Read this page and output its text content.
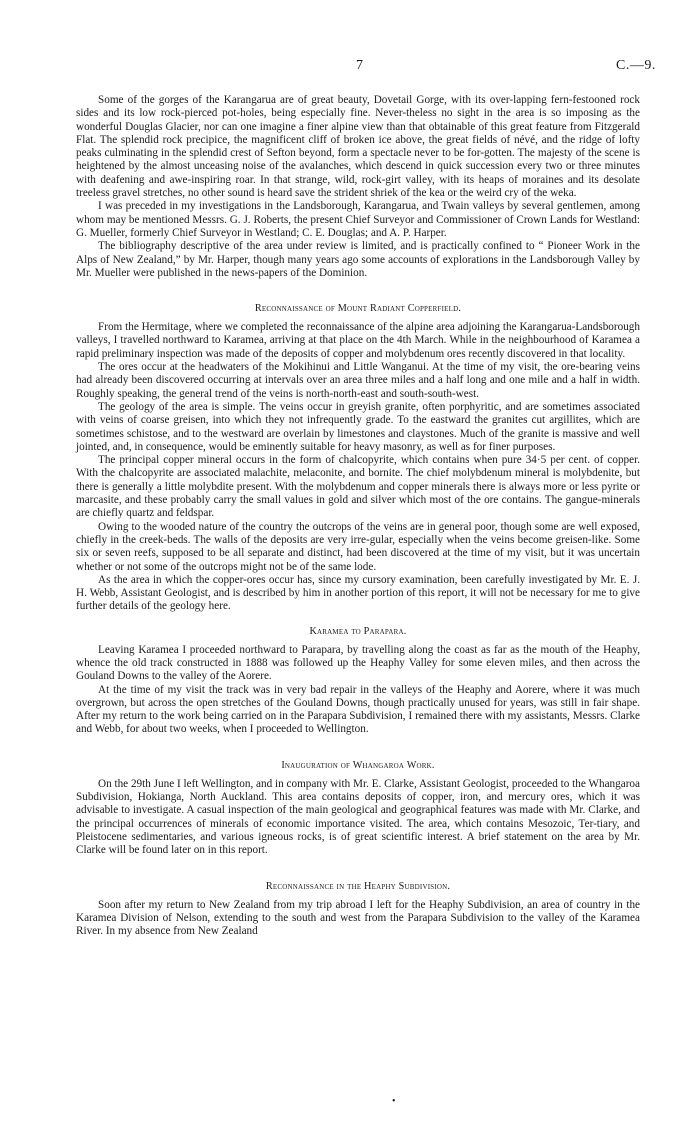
7	C.—9.

Some of the gorges of the Karangarua are of great beauty, Dovetail Gorge, with its over-lapping fern-festooned rock sides and its low rock-pierced pot-holes, being especially fine. Never-theless no sight in the area is so imposing as the wonderful Douglas Glacier, nor can one imagine a finer alpine view than that obtainable of this great feature from Fitzgerald Flat. The splendid rock precipice, the magnificent cliff of broken ice above, the great fields of névé, and the ridge of lofty peaks culminating in the splendid crest of Sefton beyond, form a spectacle never to be for-gotten. The majesty of the scene is heightened by the almost unceasing noise of the avalanches, which descend in quick succession every two or three minutes with deafening and awe-inspiring roar. In that strange, wild, rock-girt valley, with its heaps of moraines and its desolate treeless gravel stretches, no other sound is heard save the strident shriek of the kea or the weird cry of the weka.

I was preceded in my investigations in the Landsborough, Karangarua, and Twain valleys by several gentlemen, among whom may be mentioned Messrs. G. J. Roberts, the present Chief Surveyor and Commissioner of Crown Lands for Westland: G. Mueller, formerly Chief Surveyor in Westland; C. E. Douglas; and A. P. Harper.

The bibliography descriptive of the area under review is limited, and is practically confined to “ Pioneer Work in the Alps of New Zealand,” by Mr. Harper, though many years ago some accounts of explorations in the Landsborough Valley by Mr. Mueller were published in the news-papers of the Dominion.

Reconnaissance of Mount Radiant Copperfield.

From the Hermitage, where we completed the reconnaissance of the alpine area adjoining the Karangarua-Landsborough valleys, I travelled northward to Karamea, arriving at that place on the 4th March. While in the neighbourhood of Karamea a rapid preliminary inspection was made of the deposits of copper and molybdenum ores recently discovered in that locality.

The ores occur at the headwaters of the Mokihinui and Little Wanganui. At the time of my visit, the ore-bearing veins had already been discovered occurring at intervals over an area three miles and a half long and one mile and a half in width. Roughly speaking, the general trend of the veins is north-north-east and south-south-west.

The geology of the area is simple. The veins occur in greyish granite, often porphyritic, and are sometimes associated with veins of coarse greisen, into which they not infrequently grade. To the eastward the granites cut argillites, which are sometimes schistose, and to the westward are overlain by limestones and claystones. Much of the granite is massive and well jointed, and, in consequence, would be eminently suitable for heavy masonry, as well as for finer purposes.

The principal copper mineral occurs in the form of chalcopyrite, which contains when pure 34·5 per cent. of copper. With the chalcopyrite are associated malachite, melaconite, and bornite. The chief molybdenum mineral is molybdenite, but there is generally a little molybdite present. With the molybdenum and copper minerals there is always more or less pyrite or marcasite, and these probably carry the small values in gold and silver which most of the ore contains. The gangue-minerals are chiefly quartz and feldspar.

Owing to the wooded nature of the country the outcrops of the veins are in general poor, though some are well exposed, chiefly in the creek-beds. The walls of the deposits are very irre-gular, especially when the veins become greisen-like. Some six or seven reefs, supposed to be all separate and distinct, had been discovered at the time of my visit, but it was uncertain whether or not some of the outcrops might not be of the same lode.

As the area in which the copper-ores occur has, since my cursory examination, been carefully investigated by Mr. E. J. H. Webb, Assistant Geologist, and is described by him in another portion of this report, it will not be necessary for me to give further details of the geology here.

Karamea to Parapara.

Leaving Karamea I proceeded northward to Parapara, by travelling along the coast as far as the mouth of the Heaphy, whence the old track constructed in 1888 was followed up the Heaphy Valley for some eleven miles, and then across the Gouland Downs to the valley of the Aorere.

At the time of my visit the track was in very bad repair in the valleys of the Heaphy and Aorere, where it was much overgrown, but across the open stretches of the Gouland Downs, though practically unused for years, was still in fair shape. After my return to the work being carried on in the Parapara Subdivision, I remained there with my assistants, Messrs. Clarke and Webb, for about two weeks, when I proceeded to Wellington.

Inauguration of Whangaroa Work.

On the 29th June I left Wellington, and in company with Mr. E. Clarke, Assistant Geologist, proceeded to the Whangaroa Subdivision, Hokianga, North Auckland. This area contains deposits of copper, iron, and mercury ores, which it was advisable to investigate. A casual inspection of the main geological and geographical features was made with Mr. Clarke, and the principal occurrences of minerals of economic importance visited. The area, which contains Mesozoic, Ter-tiary, and Pleistocene sedimentaries, and various igneous rocks, is of great scientific interest. A brief statement on the area by Mr. Clarke will be found later on in this report.

Reconnaissance in the Heaphy Subdivision.

Soon after my return to New Zealand from my trip abroad I left for the Heaphy Subdivision, an area of country in the Karamea Division of Nelson, extending to the south and west from the Parapara Subdivision to the valley of the Karamea River. In my absence from New Zealand

•
